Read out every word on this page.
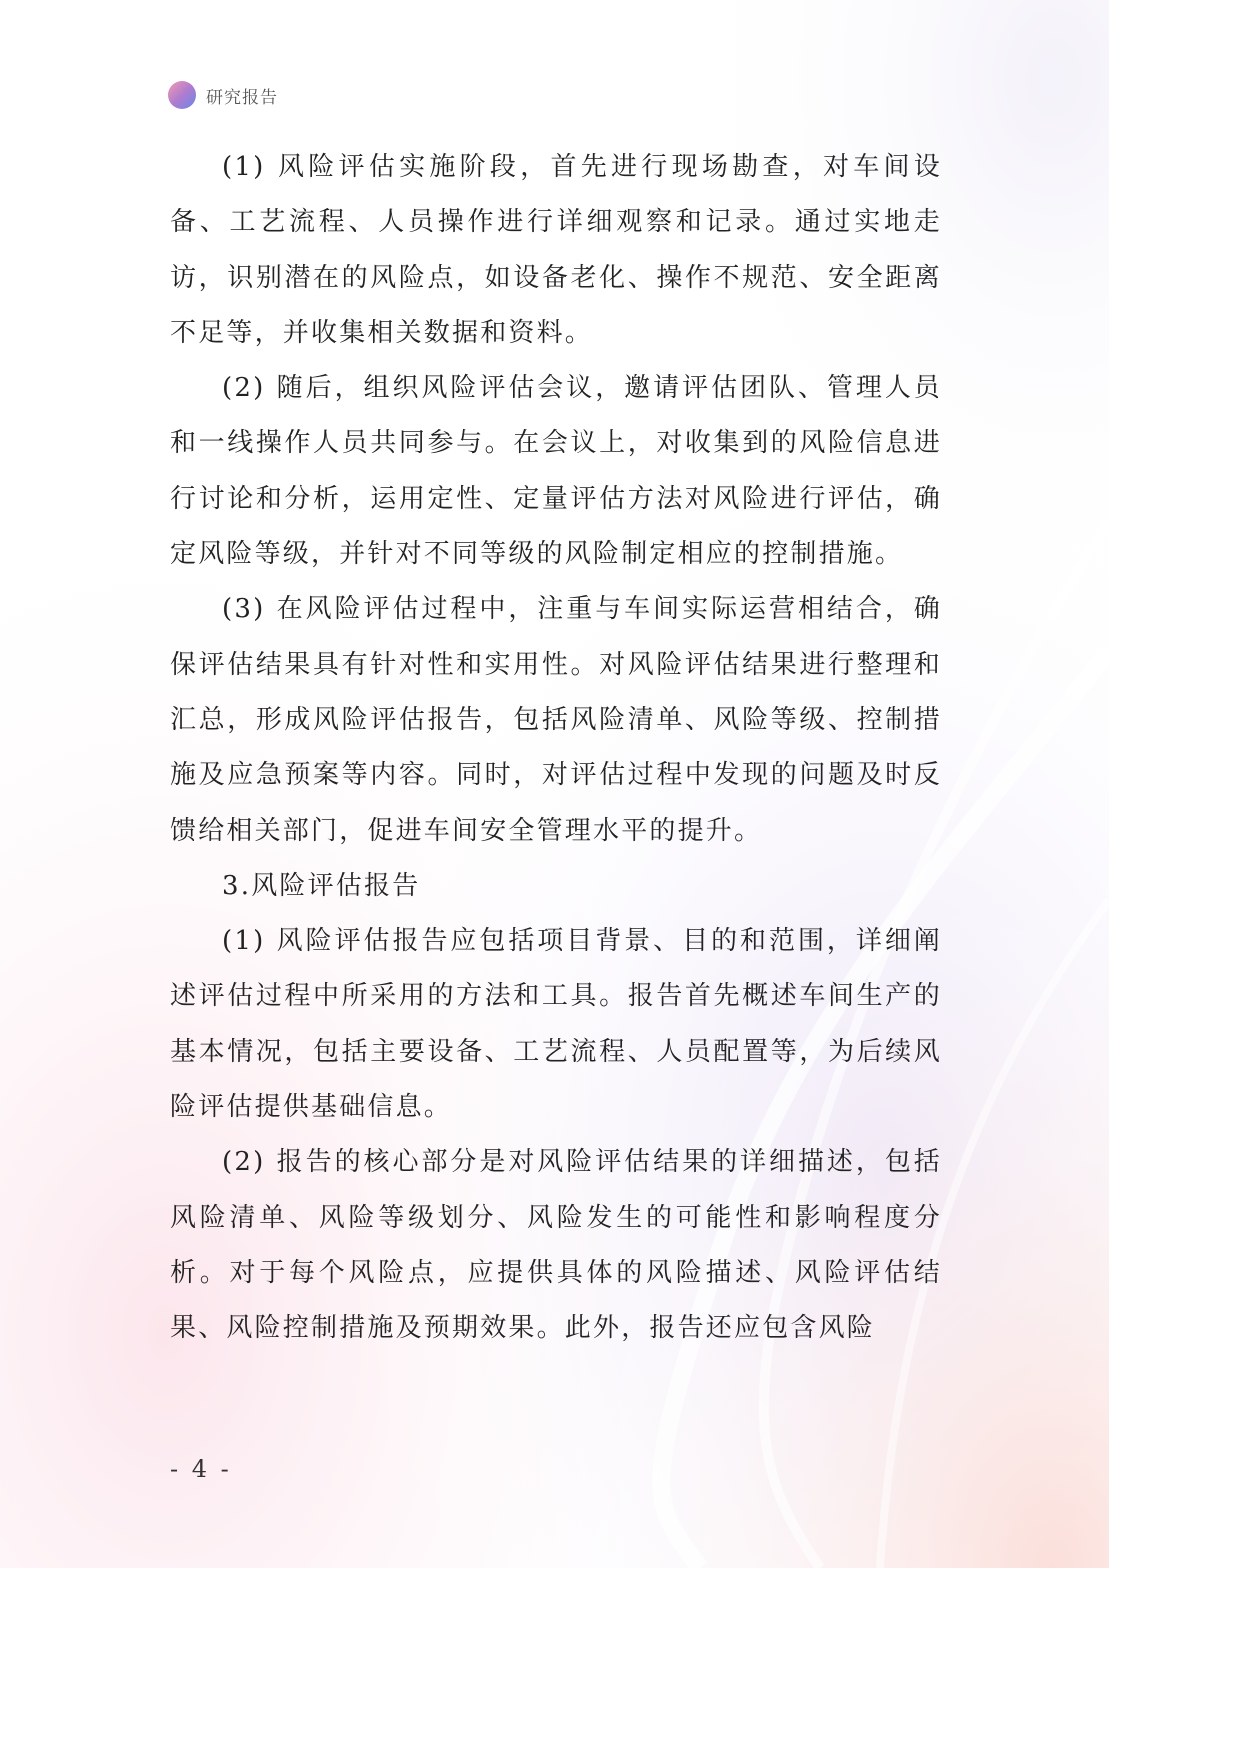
研究报告

(1) 风险评估实施阶段，首先进行现场勘查，对车间设备、工艺流程、人员操作进行详细观察和记录。通过实地走访，识别潜在的风险点，如设备老化、操作不规范、安全距离不足等，并收集相关数据和资料。

(2) 随后，组织风险评估会议，邀请评估团队、管理人员和一线操作人员共同参与。在会议上，对收集到的风险信息进行讨论和分析，运用定性、定量评估方法对风险进行评估，确定风险等级，并针对不同等级的风险制定相应的控制措施。

(3) 在风险评估过程中，注重与车间实际运营相结合，确保评估结果具有针对性和实用性。对风险评估结果进行整理和汇总，形成风险评估报告，包括风险清单、风险等级、控制措施及应急预案等内容。同时，对评估过程中发现的问题及时反馈给相关部门，促进车间安全管理水平的提升。

3.风险评估报告

(1) 风险评估报告应包括项目背景、目的和范围，详细阐述评估过程中所采用的方法和工具。报告首先概述车间生产的基本情况，包括主要设备、工艺流程、人员配置等，为后续风险评估提供基础信息。

(2) 报告的核心部分是对风险评估结果的详细描述，包括风险清单、风险等级划分、风险发生的可能性和影响程度分析。对于每个风险点，应提供具体的风险描述、风险评估结果、风险控制措施及预期效果。此外，报告还应包含风险

- 4 -
